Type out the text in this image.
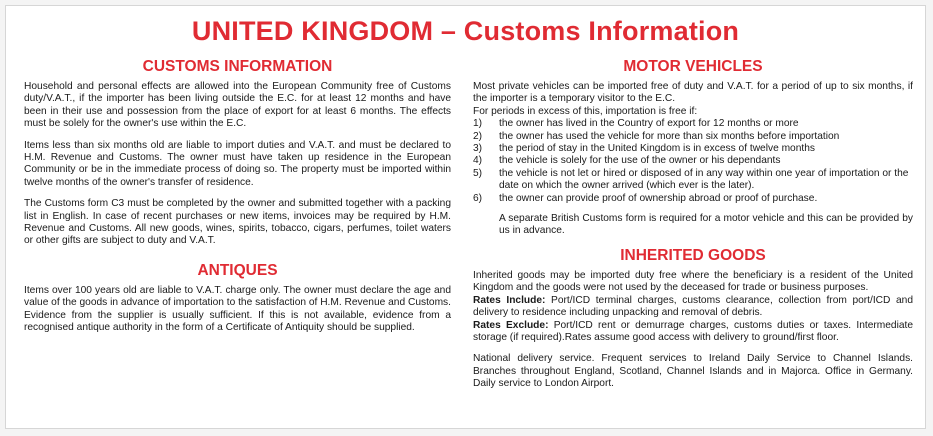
UNITED KINGDOM – Customs Information
CUSTOMS INFORMATION

Household and personal effects are allowed into the European Community free of Customs duty/V.A.T., if the importer has been living outside the E.C. for at least 12 months and have been in their use and possession from the place of export for at least 6 months. The effects must be solely for the owner's use within the E.C.

Items less than six months old are liable to import duties and V.A.T. and must be declared to H.M. Revenue and Customs. The owner must have taken up residence in the European Community or be in the immediate process of doing so. The property must be imported within twelve months of the owner's transfer of residence.

The Customs form C3 must be completed by the owner and submitted together with a packing list in English. In case of recent purchases or new items, invoices may be required by H.M. Revenue and Customs. All new goods, wines, spirits, tobacco, cigars, perfumes, toilet waters or other gifts are subject to duty and V.A.T.

ANTIQUES

Items over 100 years old are liable to V.A.T. charge only. The owner must declare the age and value of the goods in advance of importation to the satisfaction of H.M. Revenue and Customs. Evidence from the supplier is usually sufficient. If this is not available, evidence from a recognised antique authority in the form of a Certificate of Antiquity should be supplied.

MOTOR VEHICLES

Most private vehicles can be imported free of duty and V.A.T. for a period of up to six months, if the importer is a temporary visitor to the E.C.

For periods in excess of this, importation is free if:

1)	the owner has lived in the Country of export for 12 months or more
2)	the owner has used the vehicle for more than six months before importation
3)	the period of stay in the United Kingdom is in excess of twelve months
4)	the vehicle is solely for the use of the owner or his dependants
5)	the vehicle is not let or hired or disposed of in any way within one year of importation or the date on which the owner arrived (which ever is the later).
6)	the owner can provide proof of ownership abroad or proof of purchase.

A separate British Customs form is required for a motor vehicle and this can be provided by us in advance.

INHERITED GOODS

Inherited goods may be imported duty free where the beneficiary is a resident of the United Kingdom and the goods were not used by the deceased for trade or business purposes.

Rates Include: Port/ICD terminal charges, customs clearance, collection from port/ICD and delivery to residence including unpacking and removal of debris.

Rates Exclude: Port/ICD rent or demurrage charges, customs duties or taxes. Intermediate storage (if required).Rates assume good access with delivery to ground/first floor.

National delivery service. Frequent services to Ireland Daily Service to Channel Islands. Branches throughout England, Scotland, Channel Islands and in Majorca. Office in Germany. Daily service to London Airport.
